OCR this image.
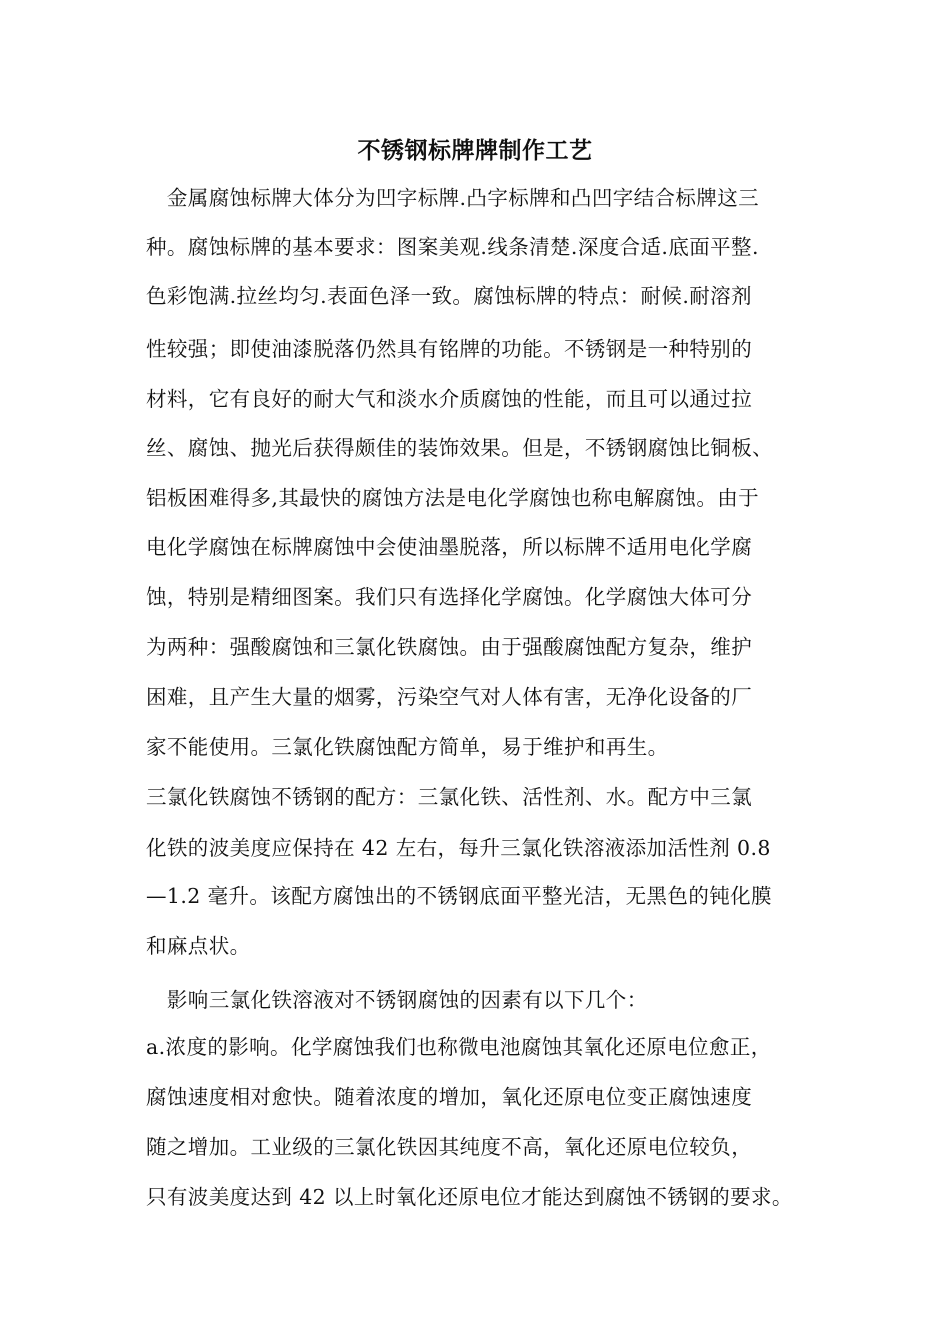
不锈钢标牌牌制作工艺
　金属腐蚀标牌大体分为凹字标牌.凸字标牌和凸凹字结合标牌这三
种。腐蚀标牌的基本要求：图案美观.线条清楚.深度合适.底面平整.
色彩饱满.拉丝均匀.表面色泽一致。腐蚀标牌的特点：耐候.耐溶剂
性较强；即使油漆脱落仍然具有铭牌的功能。不锈钢是一种特别的
材料，它有良好的耐大气和淡水介质腐蚀的性能，而且可以通过拉
丝、腐蚀、抛光后获得颇佳的装饰效果。但是，不锈钢腐蚀比铜板、
铝板困难得多,其最快的腐蚀方法是电化学腐蚀也称电解腐蚀。由于
电化学腐蚀在标牌腐蚀中会使油墨脱落，所以标牌不适用电化学腐
蚀，特别是精细图案。我们只有选择化学腐蚀。化学腐蚀大体可分
为两种：强酸腐蚀和三氯化铁腐蚀。由于强酸腐蚀配方复杂，维护
困难，且产生大量的烟雾，污染空气对人体有害，无净化设备的厂
家不能使用。三氯化铁腐蚀配方简单，易于维护和再生。
三氯化铁腐蚀不锈钢的配方：三氯化铁、活性剂、水。配方中三氯
化铁的波美度应保持在 42 左右，每升三氯化铁溶液添加活性剂 0.8
—1.2 毫升。该配方腐蚀出的不锈钢底面平整光洁，无黑色的钝化膜
和麻点状。
　影响三氯化铁溶液对不锈钢腐蚀的因素有以下几个：
a.浓度的影响。化学腐蚀我们也称微电池腐蚀其氧化还原电位愈正，
腐蚀速度相对愈快。随着浓度的增加，氧化还原电位变正腐蚀速度
随之增加。工业级的三氯化铁因其纯度不高，氧化还原电位较负，
只有波美度达到 42 以上时氧化还原电位才能达到腐蚀不锈钢的要求。
